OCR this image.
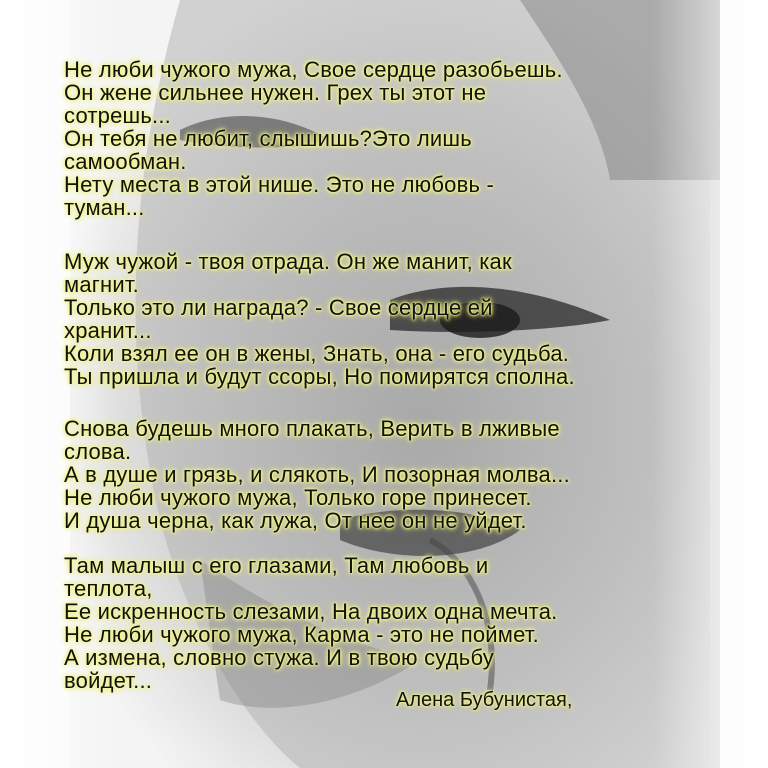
Не люби чужого мужа, Свое сердце разобьешь.
Он жене сильнее нужен. Грех ты этот не
сотрешь...
Он тебя не любит, слышишь?Это лишь
самообман.
Нету места в этой нише. Это не любовь -
туман...
Муж чужой - твоя отрада. Он же манит, как
магнит.
Только это ли награда? - Свое сердце ей
хранит...
Коли взял ее он в жены, Знать, она - его судьба.
Ты пришла и будут ссоры, Но помирятся сполна.
Снова будешь много плакать, Верить в лживые
слова.
А в душе и грязь, и слякоть, И позорная молва...
Не люби чужого мужа, Только горе принесет.
И душа черна, как лужа, От нее он не уйдет.
Там малыш с его глазами, Там любовь и
теплота,
Ее искренность слезами, На двоих одна мечта.
Не люби чужого мужа, Карма - это не поймет.
А измена, словно стужа. И в твою судьбу
войдет...
Алена Бубунистая,
